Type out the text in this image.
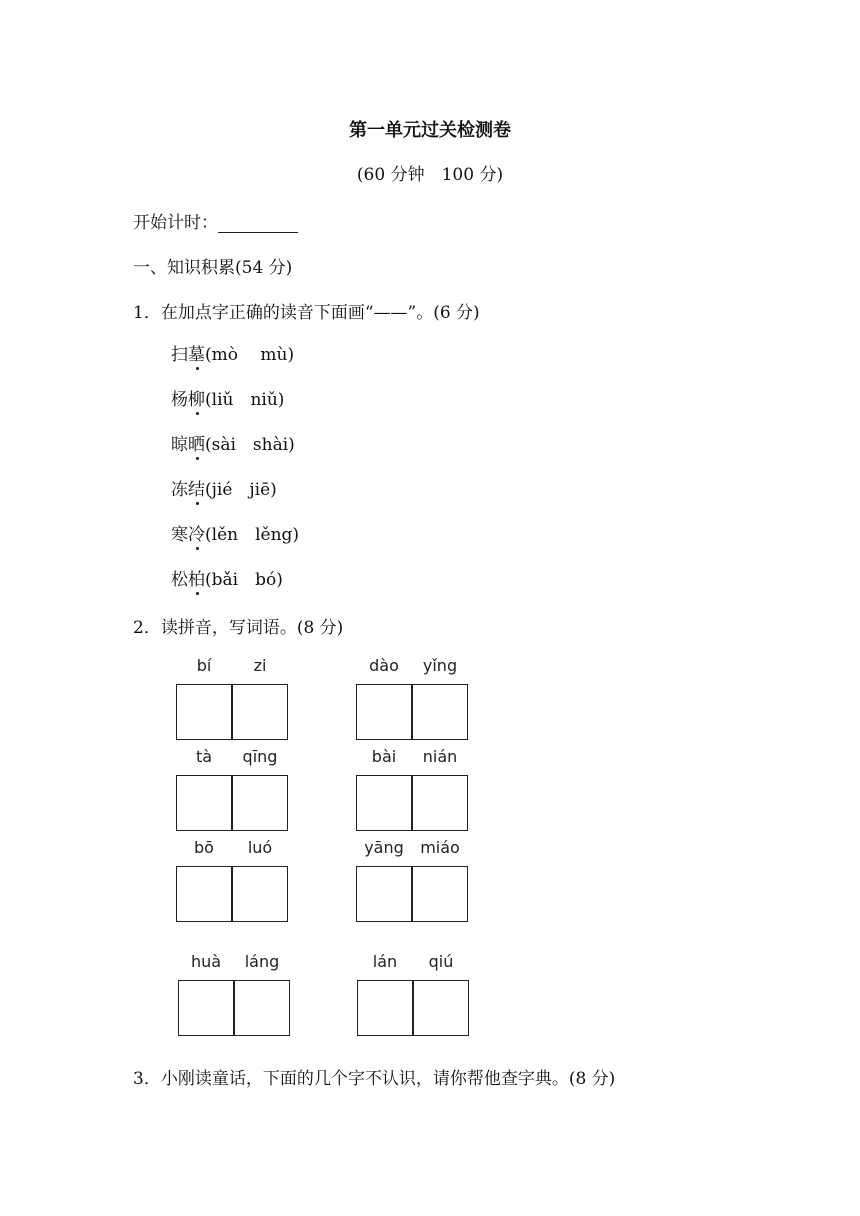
第一单元过关检测卷
(60 分钟　100 分)
开始计时：
一、知识积累(54 分)
1．在加点字正确的读音下面画“——”。(6 分)
扫墓(mò　 mù)
杨柳(liǔ　niǔ)
晾晒(sài　shài)
冻结(jié　jiē)
寒冷(lěn　lěng)
松柏(bǎi　bó)
2．读拼音，写词语。(8 分)
bí	zi	dào	yǐng
tà	qīng	bài	nián
bō	luó	yāng	miáo
huà	láng	lán	qiú
3．小刚读童话，下面的几个字不认识，请你帮他查字典。(8 分)
